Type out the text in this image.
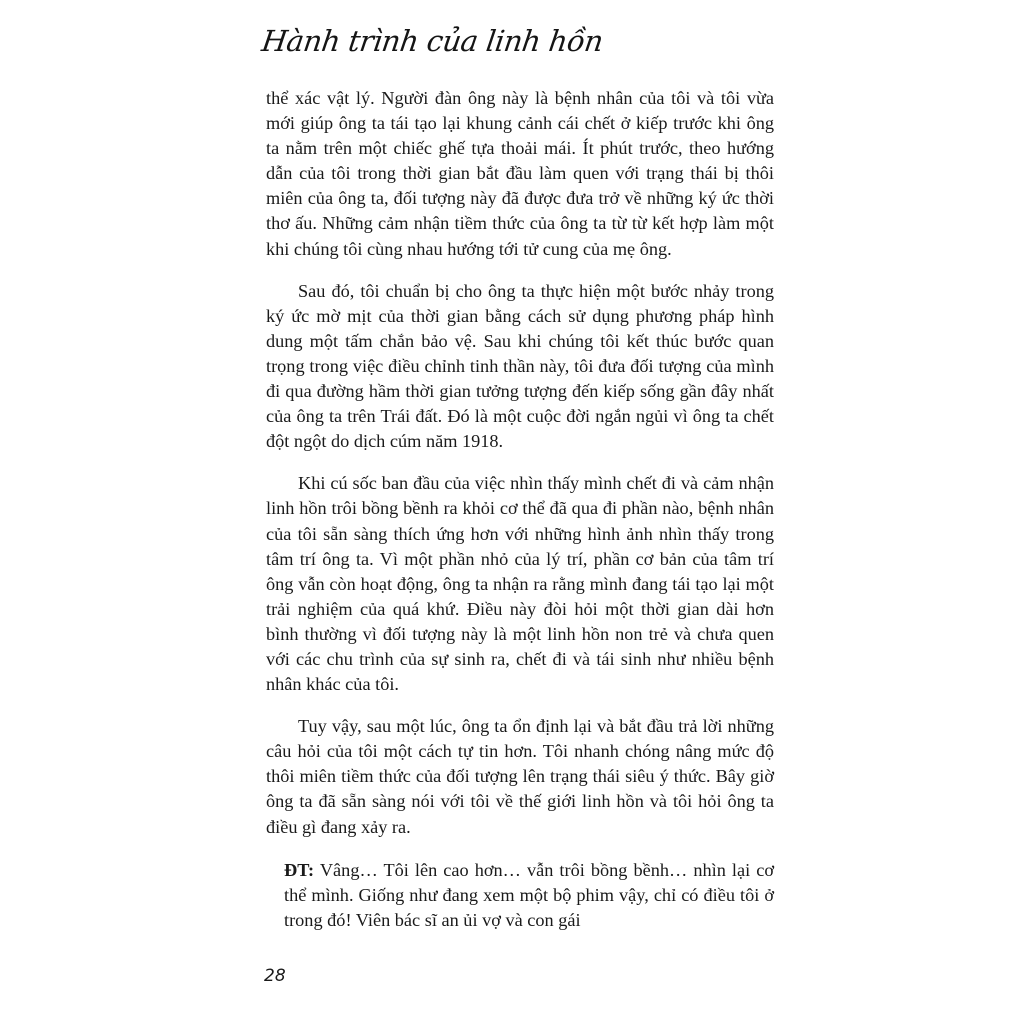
Hành trình của linh hồn

thể xác vật lý. Người đàn ông này là bệnh nhân của tôi và tôi vừa mới giúp ông ta tái tạo lại khung cảnh cái chết ở kiếp trước khi ông ta nằm trên một chiếc ghế tựa thoải mái. Ít phút trước, theo hướng dẫn của tôi trong thời gian bắt đầu làm quen với trạng thái bị thôi miên của ông ta, đối tượng này đã được đưa trở về những ký ức thời thơ ấu. Những cảm nhận tiềm thức của ông ta từ từ kết hợp làm một khi chúng tôi cùng nhau hướng tới tử cung của mẹ ông.

Sau đó, tôi chuẩn bị cho ông ta thực hiện một bước nhảy trong ký ức mờ mịt của thời gian bằng cách sử dụng phương pháp hình dung một tấm chắn bảo vệ. Sau khi chúng tôi kết thúc bước quan trọng trong việc điều chỉnh tinh thần này, tôi đưa đối tượng của mình đi qua đường hầm thời gian tưởng tượng đến kiếp sống gần đây nhất của ông ta trên Trái đất. Đó là một cuộc đời ngắn ngủi vì ông ta chết đột ngột do dịch cúm năm 1918.

Khi cú sốc ban đầu của việc nhìn thấy mình chết đi và cảm nhận linh hồn trôi bồng bềnh ra khỏi cơ thể đã qua đi phần nào, bệnh nhân của tôi sẵn sàng thích ứng hơn với những hình ảnh nhìn thấy trong tâm trí ông ta. Vì một phần nhỏ của lý trí, phần cơ bản của tâm trí ông vẫn còn hoạt động, ông ta nhận ra rằng mình đang tái tạo lại một trải nghiệm của quá khứ. Điều này đòi hỏi một thời gian dài hơn bình thường vì đối tượng này là một linh hồn non trẻ và chưa quen với các chu trình của sự sinh ra, chết đi và tái sinh như nhiều bệnh nhân khác của tôi.

Tuy vậy, sau một lúc, ông ta ổn định lại và bắt đầu trả lời những câu hỏi của tôi một cách tự tin hơn. Tôi nhanh chóng nâng mức độ thôi miên tiềm thức của đối tượng lên trạng thái siêu ý thức. Bây giờ ông ta đã sẵn sàng nói với tôi về thế giới linh hồn và tôi hỏi ông ta điều gì đang xảy ra.

ĐT: Vâng… Tôi lên cao hơn… vẫn trôi bồng bềnh… nhìn lại cơ thể mình. Giống như đang xem một bộ phim vậy, chỉ có điều tôi ở trong đó! Viên bác sĩ an ủi vợ và con gái

28
